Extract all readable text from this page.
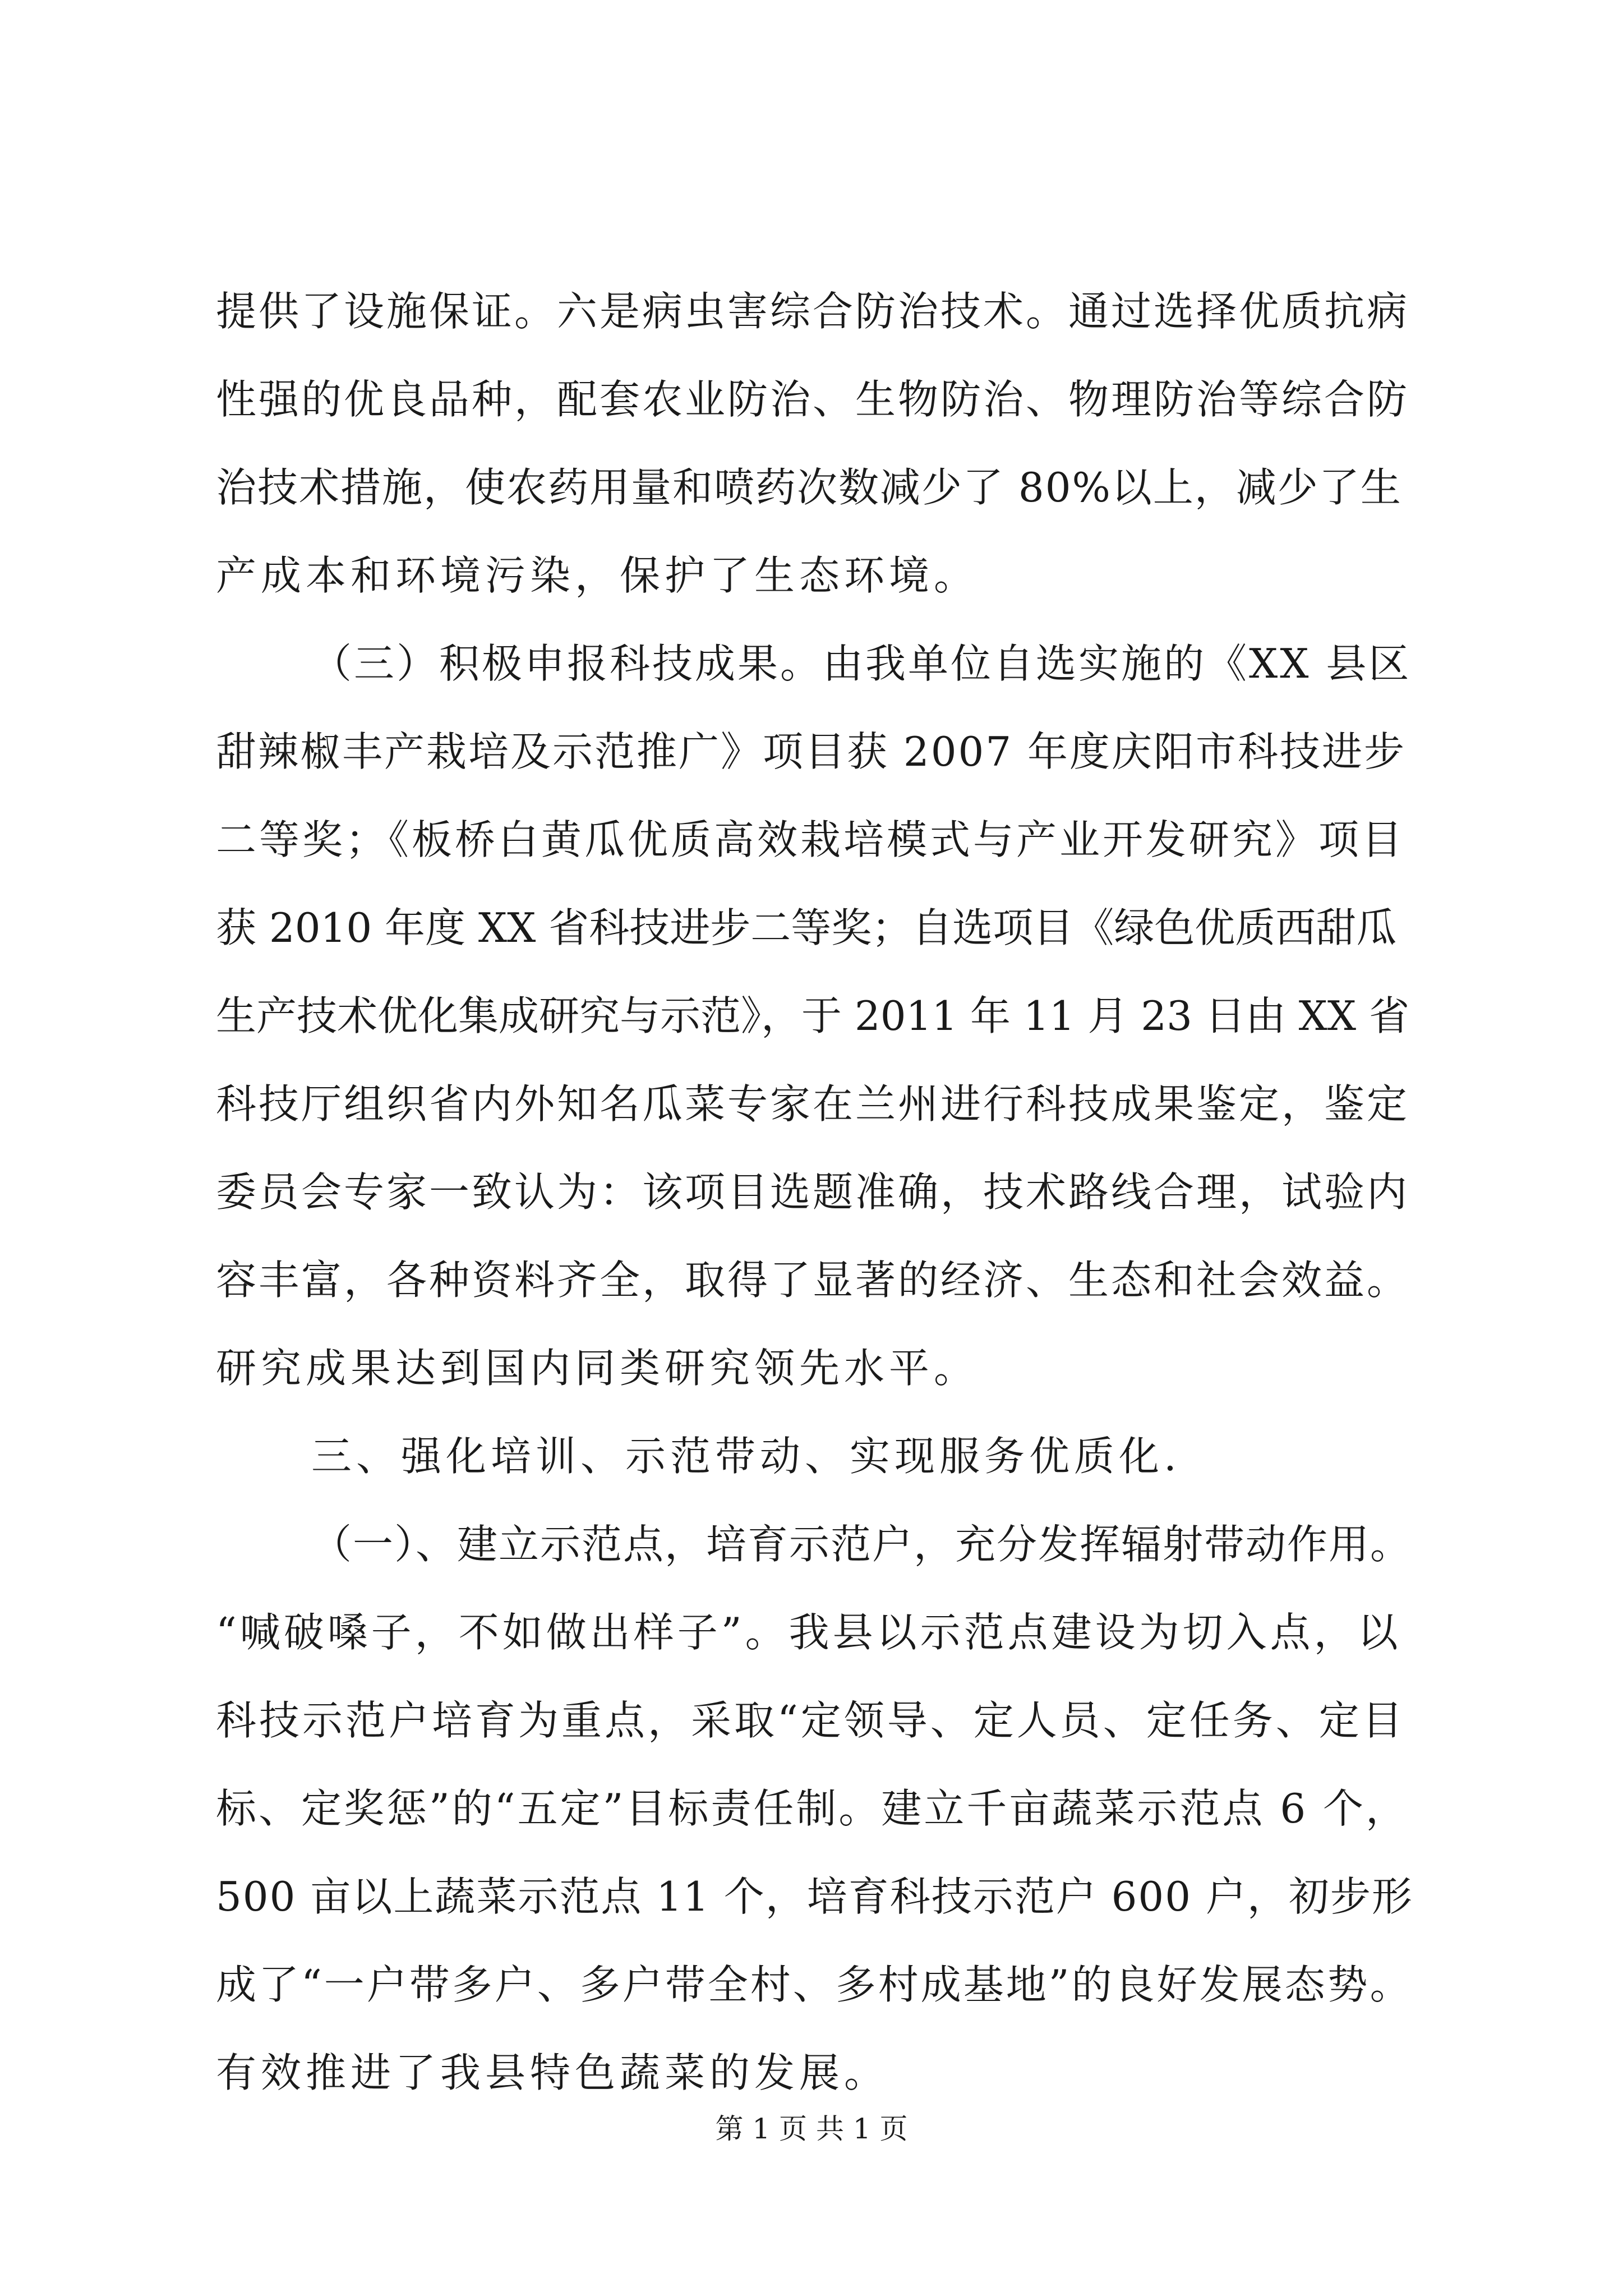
提供了设施保证。六是病虫害综合防治技术。通过选择优质抗病
性强的优良品种，配套农业防治、生物防治、物理防治等综合防
治技术措施，使农药用量和喷药次数减少了 80%以上，减少了生
产成本和环境污染，保护了生态环境。
（三）积极申报科技成果。由我单位自选实施的《XX 县区
甜辣椒丰产栽培及示范推广》项目获 2007 年度庆阳市科技进步
二等奖；《板桥白黄瓜优质高效栽培模式与产业开发研究》项目
获 2010 年度 XX 省科技进步二等奖；自选项目《绿色优质西甜瓜
生产技术优化集成研究与示范》，于 2011 年 11 月 23 日由 XX 省
科技厅组织省内外知名瓜菜专家在兰州进行科技成果鉴定，鉴定
委员会专家一致认为：该项目选题准确，技术路线合理，试验内
容丰富，各种资料齐全，取得了显著的经济、生态和社会效益。
研究成果达到国内同类研究领先水平。
三、强化培训、示范带动、实现服务优质化.
（一）、建立示范点，培育示范户，充分发挥辐射带动作用。
“喊破嗓子，不如做出样子”。我县以示范点建设为切入点，以
科技示范户培育为重点，采取“定领导、定人员、定任务、定目
标、定奖惩”的“五定”目标责任制。建立千亩蔬菜示范点 6 个，
500 亩以上蔬菜示范点 11 个，培育科技示范户 600 户，初步形
成了“一户带多户、多户带全村、多村成基地”的良好发展态势。
有效推进了我县特色蔬菜的发展。
第 1 页 共 1 页
